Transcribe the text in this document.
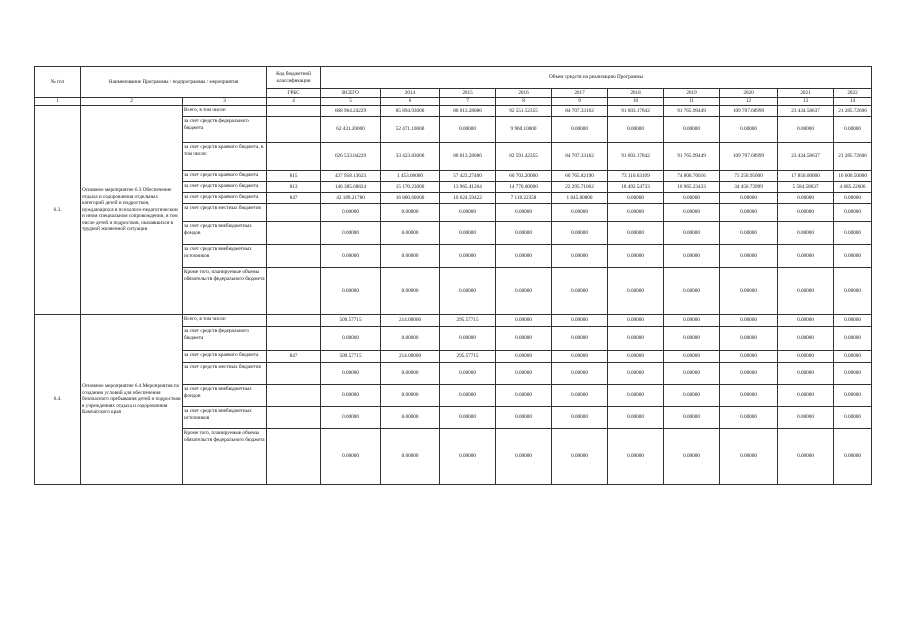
№ п/п	Наименование Программы / подпрограммы / мероприятия		Код бюджетной классификации	Объем средств на реализацию Программы									
			ГРБС	ВСЕГО	2014	2015	2016	2017	2018	2019	2020	2021	2022
1	2	3	4	5	6	7	8	9	10	11	12	13	14
6.3.	Основное мероприятие 6.3 Обеспечение отдыха и оздоровления отдельных категорий детей и подростков, нуждающихся в психолого-педагогическом и ином специальном сопровождении, в том числе детей и подростков, оказавшихся в трудной жизненной ситуации	Всего, в том числе:		668 964.24229	85 894.93000	88 013.28086	92 551.52355	84 707.33162	91 603.17842	91 765.99449	109 707.68999	23 434.58637	21 285.72606
		за счет средств федерального бюджета		62 431.20000	52 471.10000	0.00000	9 960.10000	0.00000	0.00000	0.00000	0.00000	0.00000	0.00000
		за счет средств краевого бюджета, в том числе:		626 533.04229	33 423.83000	88 013.28086	82 591.42355	84 707.33162	91 603.17842	91 765.99449	109 707.68999	23 434.58637	21 285.72606
		за счет средств краевого бюджета	815	437 958.13623	1 453.00000	57 423.27400	60 703.20000	60 765.82190	73 110.63109	74 800.76016	75 250.95000	17 850.00000	16 600.50000
		за счет средств краевого бюджета	813	146 385.68824	15 170.23000	13 965.41264	14 770.00000	22 295.71062	18 492.54733	16 965.23433	34 456.73999	5 584.58637	4 685.22606
		за счет средств краевого бюджета	847	42 189.21780	16 800.60000	16 624.59422	7 118.22358	1 645.80000	0.00000	0.00000	0.00000	0.00000	0.00000
		за счет средств местных бюджетов		0.00000	0.00000	0.00000	0.00000	0.00000	0.00000	0.00000	0.00000	0.00000	0.00000
		за счет средств внебюджетных фондов		0.00000	0.00000	0.00000	0.00000	0.00000	0.00000	0.00000	0.00000	0.00000	0.00000
		за счет средств внебюджетных источников		0.00000	0.00000	0.00000	0.00000	0.00000	0.00000	0.00000	0.00000	0.00000	0.00000
		Кроме того, планируемые объемы обязательств федерального бюджета		0.00000	0.00000	0.00000	0.00000	0.00000	0.00000	0.00000	0.00000	0.00000	0.00000
6.4.	Основное мероприятие 6.4 Мероприятия по созданию условий для обеспечения безопасного пребывания детей и подростков в учреждениях отдыха и оздоровления Камчатского края	Всего, в том числе:		509.57715	214.00000	295.57715	0.00000	0.00000	0.00000	0.00000	0.00000	0.00000	0.00000
		за счет средств федерального бюджета		0.00000	0.00000	0.00000	0.00000	0.00000	0.00000	0.00000	0.00000	0.00000	0.00000
		за счет средств краевого бюджета	847	509.57715	214.00000	295.57715	0.00000	0.00000	0.00000	0.00000	0.00000	0.00000	0.00000
		за счет средств местных бюджетов		0.00000	0.00000	0.00000	0.00000	0.00000	0.00000	0.00000	0.00000	0.00000	0.00000
		за счет средств внебюджетных фондов		0.00000	0.00000	0.00000	0.00000	0.00000	0.00000	0.00000	0.00000	0.00000	0.00000
		за счет средств внебюджетных источников		0.00000	0.00000	0.00000	0.00000	0.00000	0.00000	0.00000	0.00000	0.00000	0.00000
		Кроме того, планируемые объемы обязательств федерального бюджета		0.00000	0.00000	0.00000	0.00000	0.00000	0.00000	0.00000	0.00000	0.00000	0.00000
